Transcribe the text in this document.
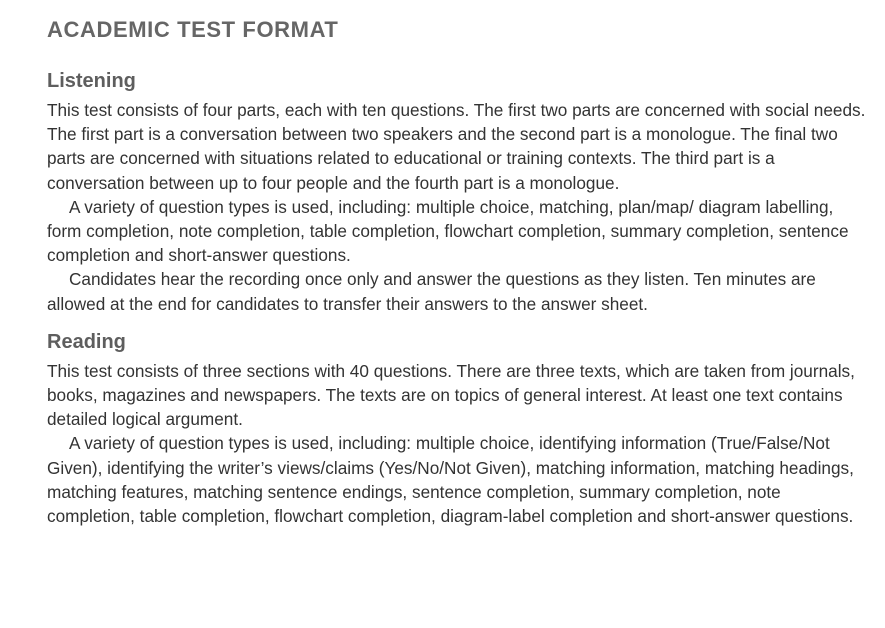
ACADEMIC TEST FORMAT
Listening

This test consists of four parts, each with ten questions. The first two parts are concerned with social needs. The first part is a conversation between two speakers and the second part is a monologue. The final two parts are concerned with situations related to educational or training contexts. The third part is a conversation between up to four people and the fourth part is a monologue.

A variety of question types is used, including: multiple choice, matching, plan/map/ diagram labelling, form completion, note completion, table completion, flowchart completion, summary completion, sentence completion and short-answer questions.

Candidates hear the recording once only and answer the questions as they listen. Ten minutes are allowed at the end for candidates to transfer their answers to the answer sheet.

Reading

This test consists of three sections with 40 questions. There are three texts, which are taken from journals, books, magazines and newspapers. The texts are on topics of general interest. At least one text contains detailed logical argument.

A variety of question types is used, including: multiple choice, identifying information (True/False/Not Given), identifying the writer’s views/claims (Yes/No/Not Given), matching information, matching headings, matching features, matching sentence endings, sentence completion, summary completion, note completion, table completion, flowchart completion, diagram-label completion and short-answer questions.
